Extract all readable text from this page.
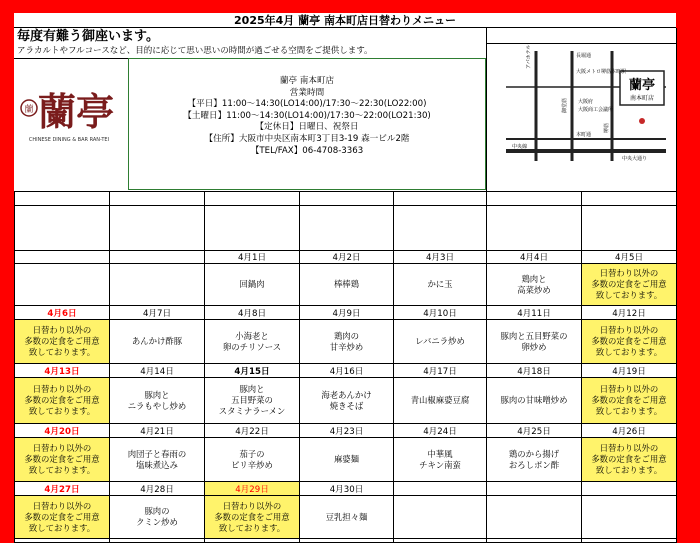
2025年4月 蘭亭 南本町店日替わりメニュー
毎度有難う御座います。
アラカルトやフルコースなど、目的に応じて思い思いの時間が過ごせる空間をご提供します。
蘭 蘭亭
CHINESE DINING & BAR RAN-TEI
蘭亭 南本町店
営業時間
【平日】11:00～14:30(LO14:00)/17:30～22:30(LO22:00)
【土曜日】11:00～14:30(LO14:00)/17:30～22:00(LO21:30)
【定休日】日曜日、祝祭日
【住所】大阪市中央区南本町3丁目3-19 森一ビル2階
【TEL/FAX】06-4708-3363
蘭亭
南本町店
アパホテル
御堂筋
大阪メトロ堺筋本町駅
中央線
中央大通り
堺筋
本町通
大阪府
大阪商工会議所
長堀通
4月1日
回鍋肉
4月2日
棒棒鶏
4月3日
かに玉
4月4日
鶏肉と
高菜炒め
4月5日
日替わり以外の
多数の定食をご用意
致しております。
4月6日
日替わり以外の
多数の定食をご用意
致しております。
4月7日
あんかけ酢豚
4月8日
小海老と
卵のチリソース
4月9日
鶏肉の
甘辛炒め
4月10日
レバニラ炒め
4月11日
豚肉と五目野菜の
卵炒め
4月12日
日替わり以外の
多数の定食をご用意
致しております。
4月13日
日替わり以外の
多数の定食をご用意
致しております。
4月14日
豚肉と
ニラもやし炒め
4月15日
豚肉と
五目野菜の
スタミナラーメン
4月16日
海老あんかけ
焼きそば
4月17日
青山椒麻婆豆腐
4月18日
豚肉の甘味噌炒め
4月19日
日替わり以外の
多数の定食をご用意
致しております。
4月20日
日替わり以外の
多数の定食をご用意
致しております。
4月21日
肉団子と春雨の
塩味煮込み
4月22日
茄子の
ピリ辛炒め
4月23日
麻婆麺
4月24日
中華風
チキン南蛮
4月25日
鶏のから揚げ
おろしポン酢
4月26日
日替わり以外の
多数の定食をご用意
致しております。
4月27日
日替わり以外の
多数の定食をご用意
致しております。
4月28日
豚肉の
クミン炒め
4月29日
日替わり以外の
多数の定食をご用意
致しております。
4月30日
豆乳担々麺
